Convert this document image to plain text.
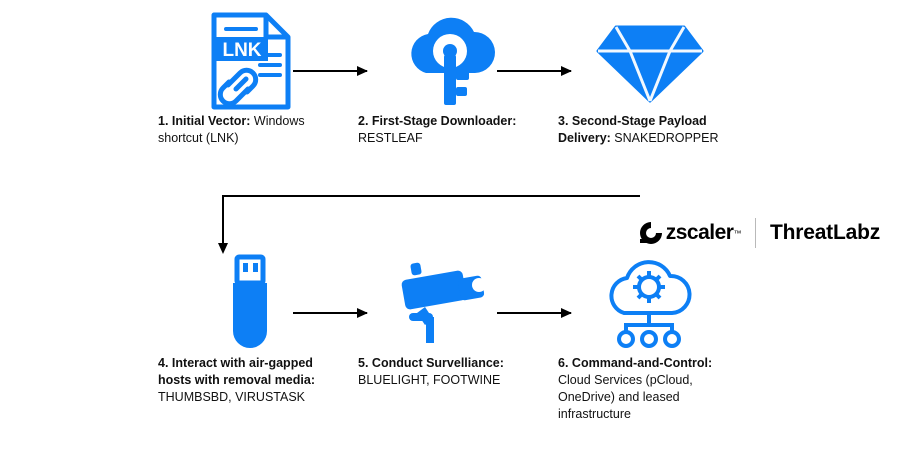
LNK
1. Initial Vector: Windows shortcut (LNK)
2. First-Stage Downloader: RESTLEAF
3. Second-Stage Payload Delivery: SNAKEDROPPER
4. Interact with air-gapped hosts with removal media: THUMBSBD, VIRUSTASK
5. Conduct Survelliance: BLUELIGHT, FOOTWINE
6. Command-and-Control: Cloud Services (pCloud, OneDrive) and leased infrastructure
zscaler ™ ThreatLabz
